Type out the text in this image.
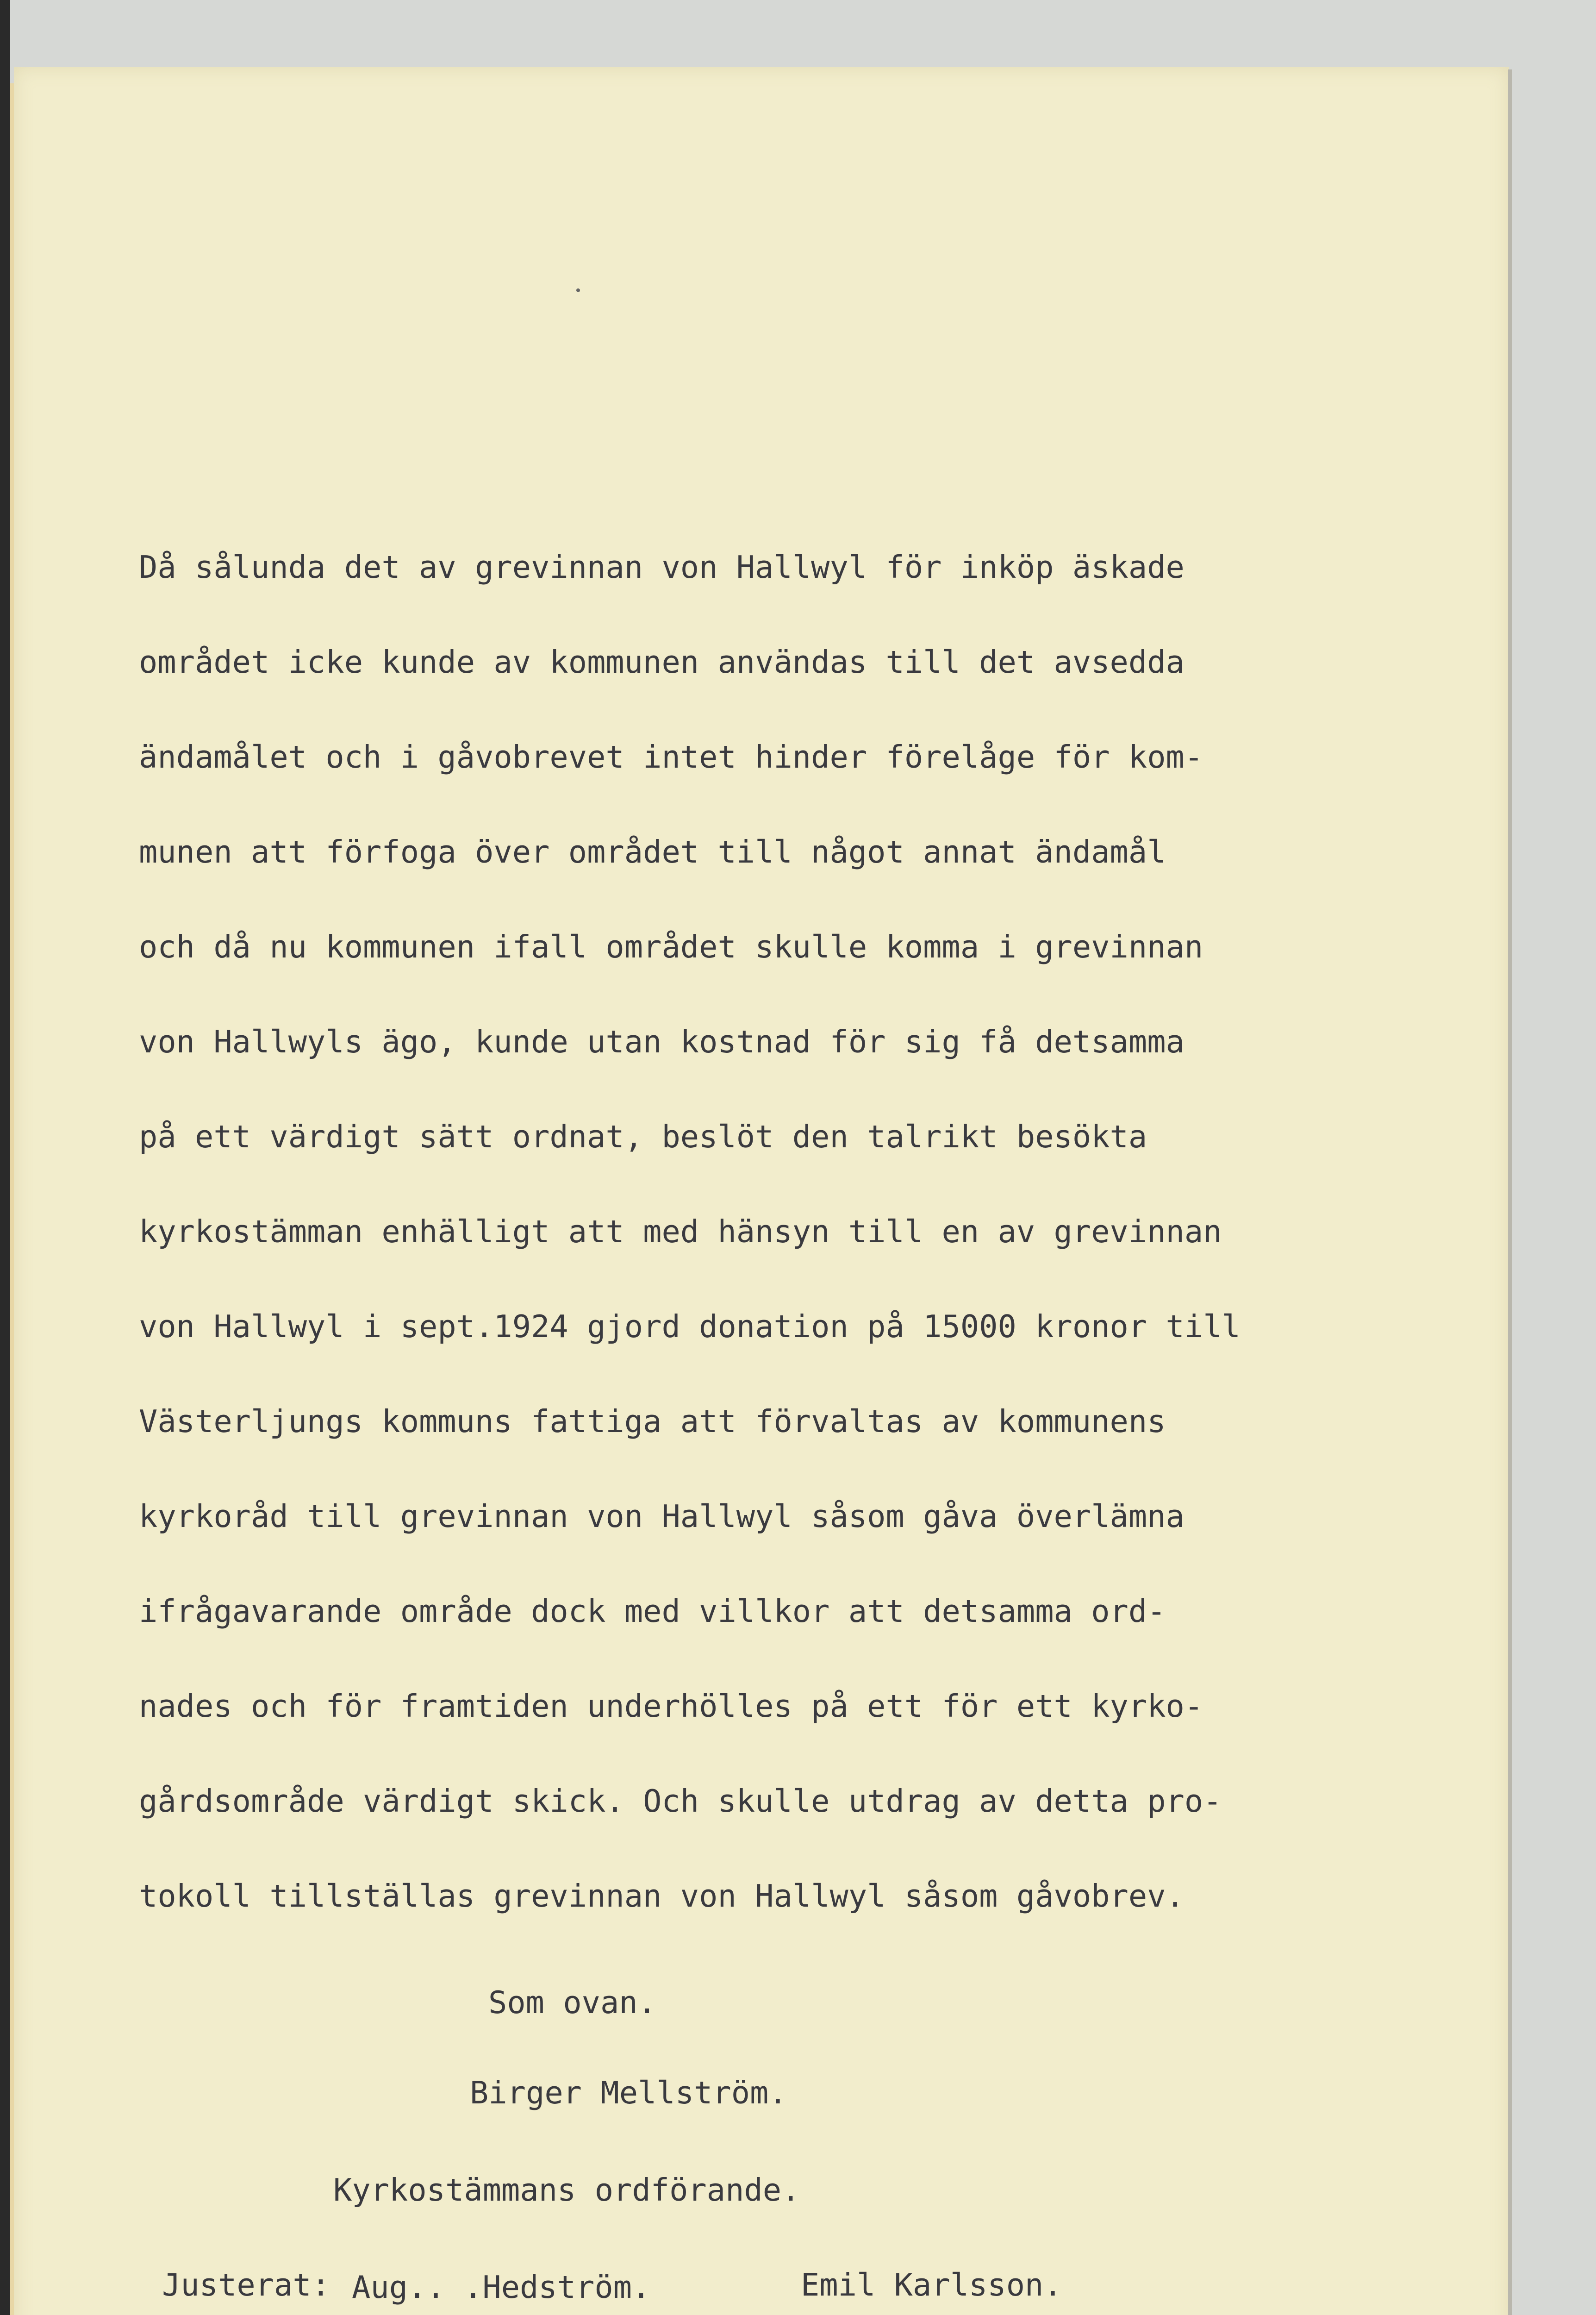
Då sålunda det av grevinnan von Hallwyl för inköp äskade
området icke kunde av kommunen användas till det avsedda
ändamålet och i gåvobrevet intet hinder förelåge för kom-
munen att förfoga över området till något annat ändamål
och då nu kommunen ifall området skulle komma i grevinnan
von Hallwyls ägo, kunde utan kostnad för sig få detsamma
på ett värdigt sätt ordnat, beslöt den talrikt besökta
kyrkostämman enhälligt att med hänsyn till en av grevinnan
von Hallwyl i sept.1924 gjord donation på 15000 kronor till
Västerljungs kommuns fattiga att förvaltas av kommunens
kyrkoråd till grevinnan von Hallwyl såsom gåva överlämna
ifrågavarande område dock med villkor att detsamma ord-
nades och för framtiden underhölles på ett för ett kyrko-
gårdsområde värdigt skick. Och skulle utdrag av detta pro-
tokoll tillställas grevinnan von Hallwyl såsom gåvobrev.
Som ovan.
Birger Mellström.
Kyrkostämmans ordförande.
Justerat: Aug.. .Hedström.	Emil Karlsson.
